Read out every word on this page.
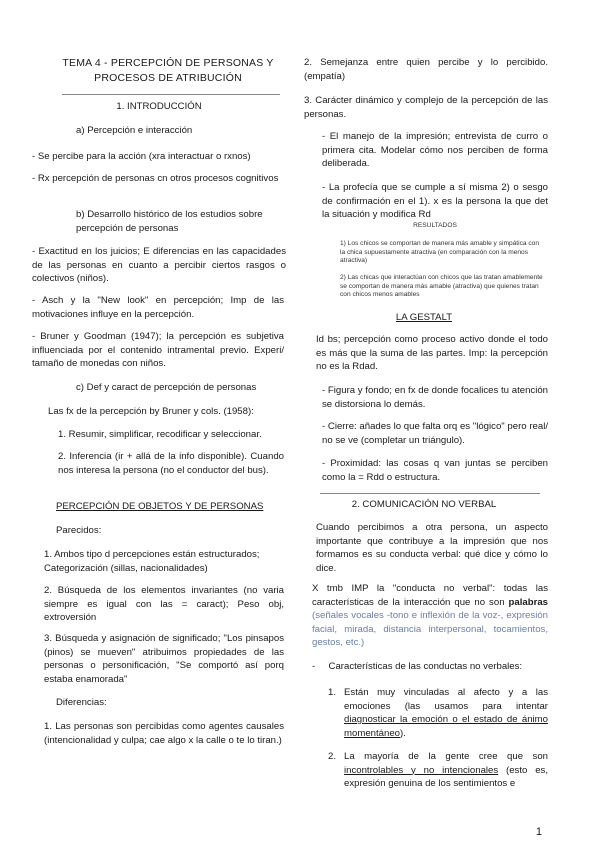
TEMA 4 - PERCEPCIÓN DE PERSONAS Y PROCESOS DE ATRIBUCIÓN
1. INTRODUCCIÓN
a) Percepción e interacción
- Se percibe para la acción (xra interactuar o rxnos)
- Rx percepción de personas cn otros procesos cognitivos
b) Desarrollo histórico de los estudios sobre percepción de personas
- Exactitud en los juicios; E diferencias en las capacidades de las personas en cuanto a percibir ciertos rasgos o colectivos (niños).
- Asch y la "New look" en percepción; Imp de las motivaciones influye en la percepción.
- Bruner y Goodman (1947); la percepción es subjetiva influenciada por el contenido intramental previo. Experi/ tamaño de monedas con niños.
c) Def y caract de percepción de personas
Las fx de la percepción by Bruner y cols. (1958):
1. Resumir, simplificar, recodificar y seleccionar.
2. Inferencia (ir + allá de la info disponible). Cuando nos interesa la persona (no el conductor del bus).
PERCEPCIÓN DE OBJETOS Y DE PERSONAS
Parecidos:
1. Ambos tipo d percepciones están estructurados; Categorización (sillas, nacionalidades)
2. Búsqueda de los elementos invariantes (no varia siempre es igual con las = caract); Peso obj, extroversión
3. Búsqueda y asignación de significado; "Los pinsapos (pinos) se mueven" atribuimos propiedades de las personas o personificación, "Se comportó así porq estaba enamorada"
Diferencias:
1. Las personas son percibidas como agentes causales (intencionalidad y culpa; cae algo x la calle o te lo tiran.)
2. Semejanza entre quien percibe y lo percibido. (empatía)
3. Carácter dinámico y complejo de la percepción de las personas.
- El manejo de la impresión; entrevista de curro o primera cita. Modelar cómo nos perciben de forma deliberada.
- La profecía que se cumple a sí misma 2) o sesgo de confirmación en el 1). x es la persona la que det la situación y modifica Rd
RESULTADOS
1) Los chicos se comportan de manera más amable y simpática con la chica supuestamente atractiva (en comparación con la menos atractiva)
2) Las chicas que interactúan con chicos que las tratan amablemente se comportan de manera más amable (atractiva) que quienes tratan con chicos menos amables
LA GESTALT
Id bs; percepción como proceso activo donde el todo es más que la suma de las partes. Imp: la percepción no es la Rdad.
- Figura y fondo; en fx de donde focalices tu atención se distorsiona lo demás.
- Cierre: añades lo que falta orq es "lógico" pero real/ no se ve (completar un triángulo).
- Proximidad: las cosas q van juntas se perciben como la = Rdd o estructura.
2. COMUNICACIÓN NO VERBAL
Cuando percibimos a otra persona, un aspecto importante que contribuye a la impresión que nos formamos es su conducta verbal: qué dice y cómo lo dice.
X tmb IMP la "conducta no verbal": todas las características de la interacción que no son palabras (señales vocales -tono e inflexión de la voz-, expresión facial, mirada, distancia interpersonal, tocamientos, gestos, etc.)
-     Características de las conductas no verbales:
1. Están muy vinculadas al afecto y a las emociones (las usamos para intentar diagnosticar la emoción o el estado de ánimo momentáneo).
2. La mayoría de la gente cree que son incontrolables y no intencionales (esto es, expresión genuina de los sentimientos e
1
